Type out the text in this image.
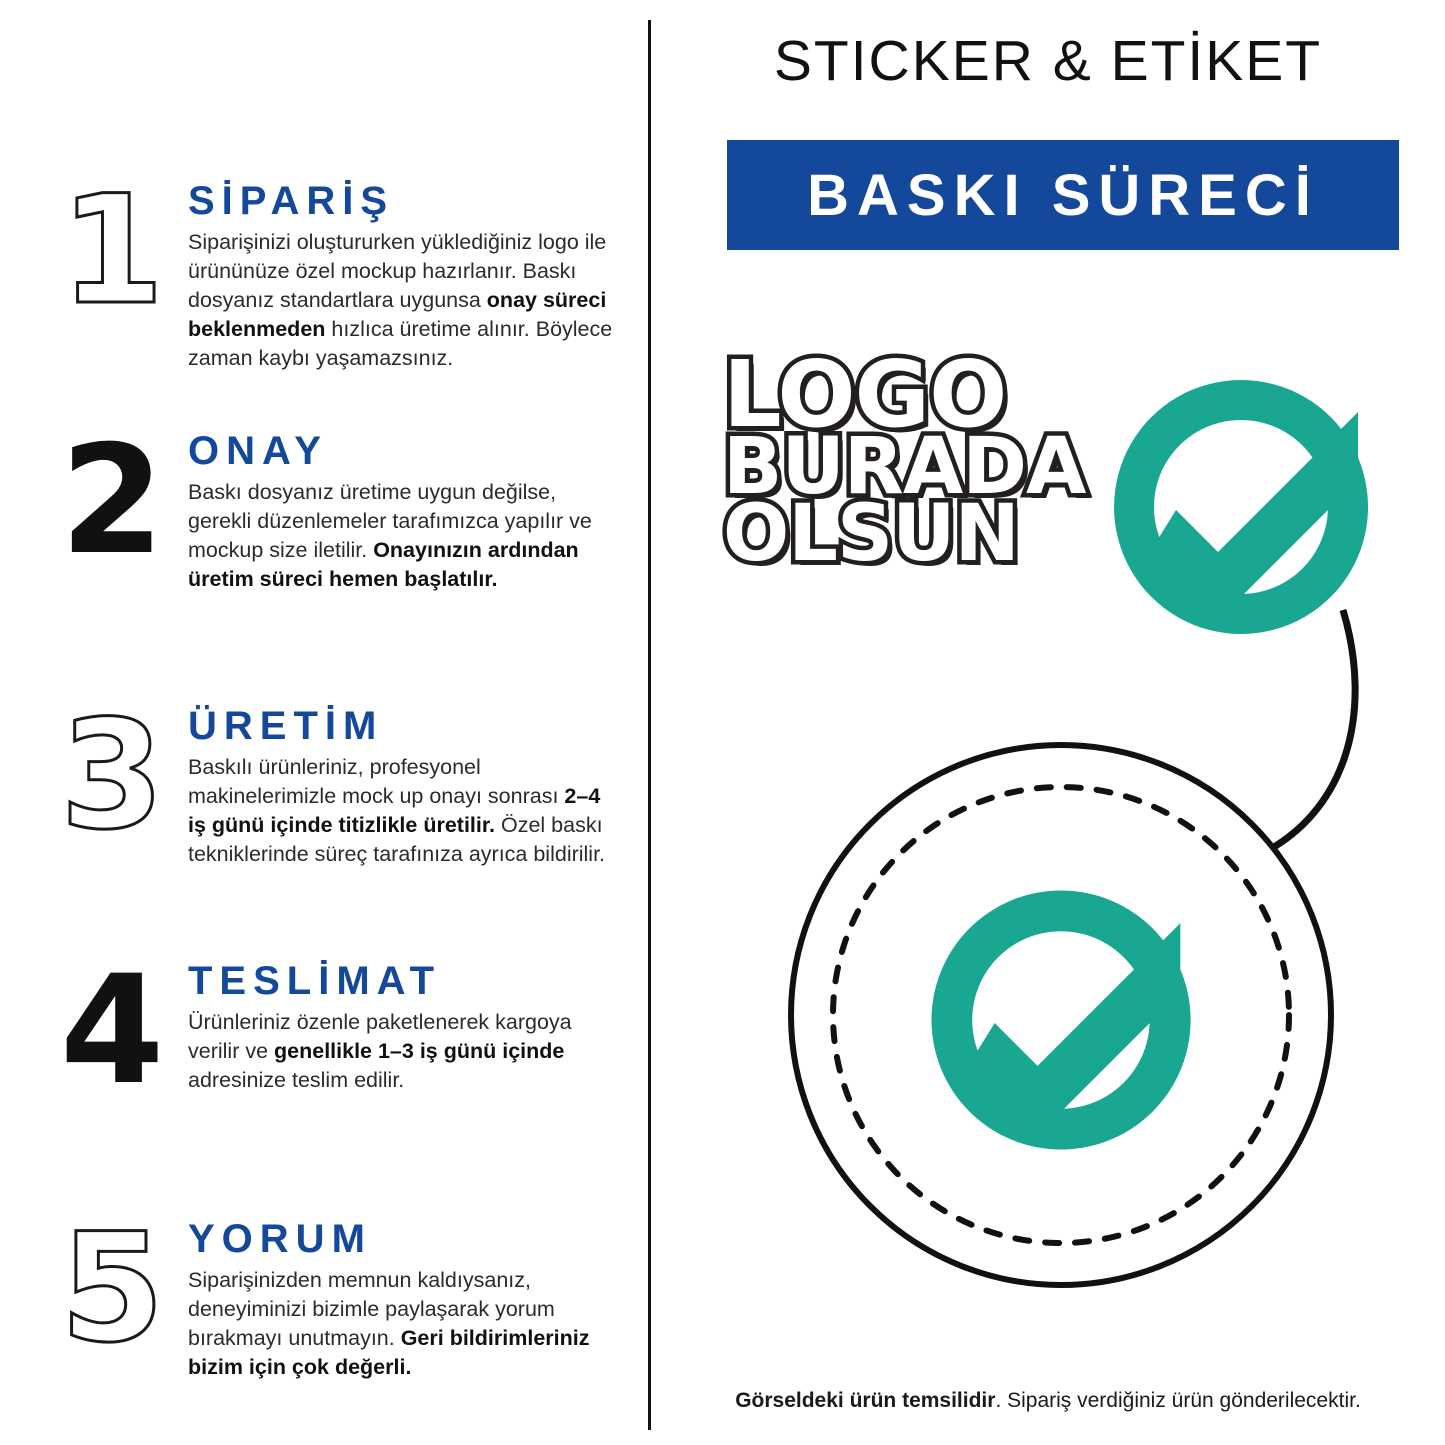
1 SİPARİŞ
Siparişinizi oluştururken yüklediğiniz logo ile ürününüze özel mockup hazırlanır. Baskı dosyanız standartlara uygunsa onay süreci beklenmeden hızlıca üretime alınır. Böylece zaman kaybı yaşamazsınız.
2 ONAY
Baskı dosyanız üretime uygun değilse, gerekli düzenlemeler tarafımızca yapılır ve mockup size iletilir. Onayınızın ardından üretim süreci hemen başlatılır.
3 ÜRETİM
Baskılı ürünleriniz, profesyonel makinelerimizle mock up onayı sonrası 2–4 iş günü içinde titizlikle üretilir. Özel baskı tekniklerinde süreç tarafınıza ayrıca bildirilir.
4 TESLİMAT
Ürünleriniz özenle paketlenerek kargoya verilir ve genellikle 1–3 iş günü içinde adresinize teslim edilir.
5 YORUM
Siparişinizden memnun kaldıysanız, deneyiminizi bizimle paylaşarak yorum bırakmayı unutmayın. Geri bildirimleriniz bizim için çok değerli.
STICKER & ETİKET
BASKI SÜRECİ
LOGO
BURADA
OLSUN
Görseldeki ürün temsilidir. Sipariş verdiğiniz ürün gönderilecektir.
